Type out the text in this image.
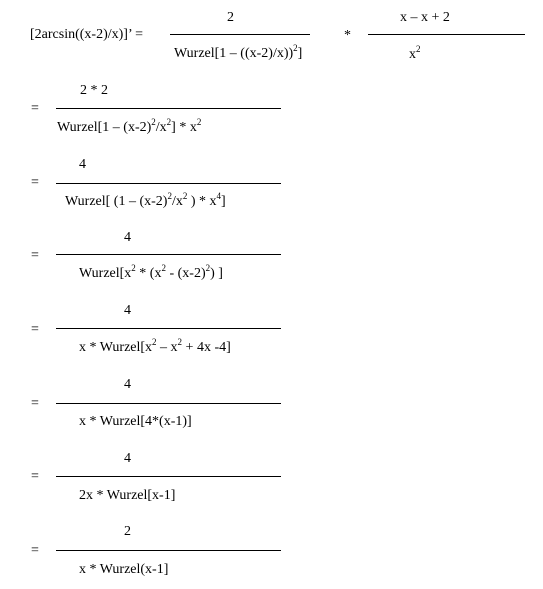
[2arcsin((x-2)/x)]’ =
2
Wurzel[1 – ((x-2)/x))$^2$]
*
x – x + 2
$x^2$
=
2 * 2
Wurzel[1 – $(x-2)^2/x^2] * x^2$
=
4
Wurzel[ ($1 - (x-2)^2/x^2$ ) * $x^4$]
=
4
$Wurzel[x^2 * (x^2 - (x-2)^2)$ ]
=
4
$x * Wurzel[x^2 - x^2 + 4x$ -4]
=
4
x * Wurzel[4*(x-1)]
=
4
2x * Wurzel[x-1]
=
2
x * Wurzel(x-1]
